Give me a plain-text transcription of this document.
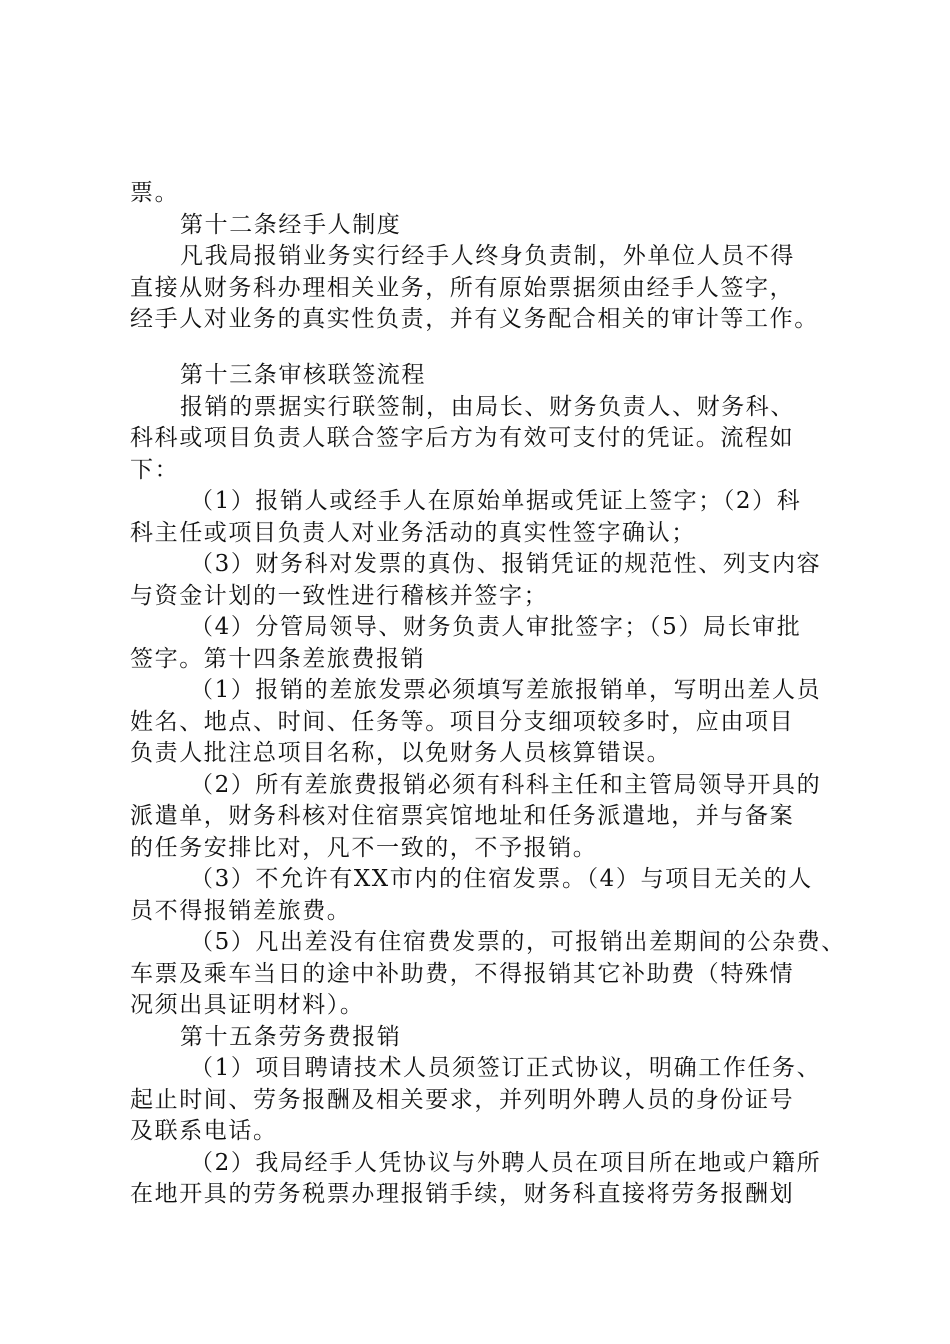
票。
第十二条经手人制度
凡我局报销业务实行经手人终身负责制，外单位人员不得
直接从财务科办理相关业务，所有原始票据须由经手人签字，
经手人对业务的真实性负责，并有义务配合相关的审计等工作。
第十三条审核联签流程
报销的票据实行联签制，由局长、财务负责人、财务科、
科科或项目负责人联合签字后方为有效可支付的凭证。流程如
下：
（1）报销人或经手人在原始单据或凭证上签字；（2）科
科主任或项目负责人对业务活动的真实性签字确认；
（3）财务科对发票的真伪、报销凭证的规范性、列支内容
与资金计划的一致性进行稽核并签字；
（4）分管局领导、财务负责人审批签字；（5）局长审批
签字。第十四条差旅费报销
（1）报销的差旅发票必须填写差旅报销单，写明出差人员
姓名、地点、时间、任务等。项目分支细项较多时，应由项目
负责人批注总项目名称，以免财务人员核算错误。
（2）所有差旅费报销必须有科科主任和主管局领导开具的
派遣单，财务科核对住宿票宾馆地址和任务派遣地，并与备案
的任务安排比对，凡不一致的，不予报销。
（3）不允许有XX市内的住宿发票。（4）与项目无关的人
员不得报销差旅费。
（5）凡出差没有住宿费发票的，可报销出差期间的公杂费、
车票及乘车当日的途中补助费，不得报销其它补助费（特殊情
况须出具证明材料）。
第十五条劳务费报销
（1）项目聘请技术人员须签订正式协议，明确工作任务、
起止时间、劳务报酬及相关要求，并列明外聘人员的身份证号
及联系电话。
（2）我局经手人凭协议与外聘人员在项目所在地或户籍所
在地开具的劳务税票办理报销手续，财务科直接将劳务报酬划
